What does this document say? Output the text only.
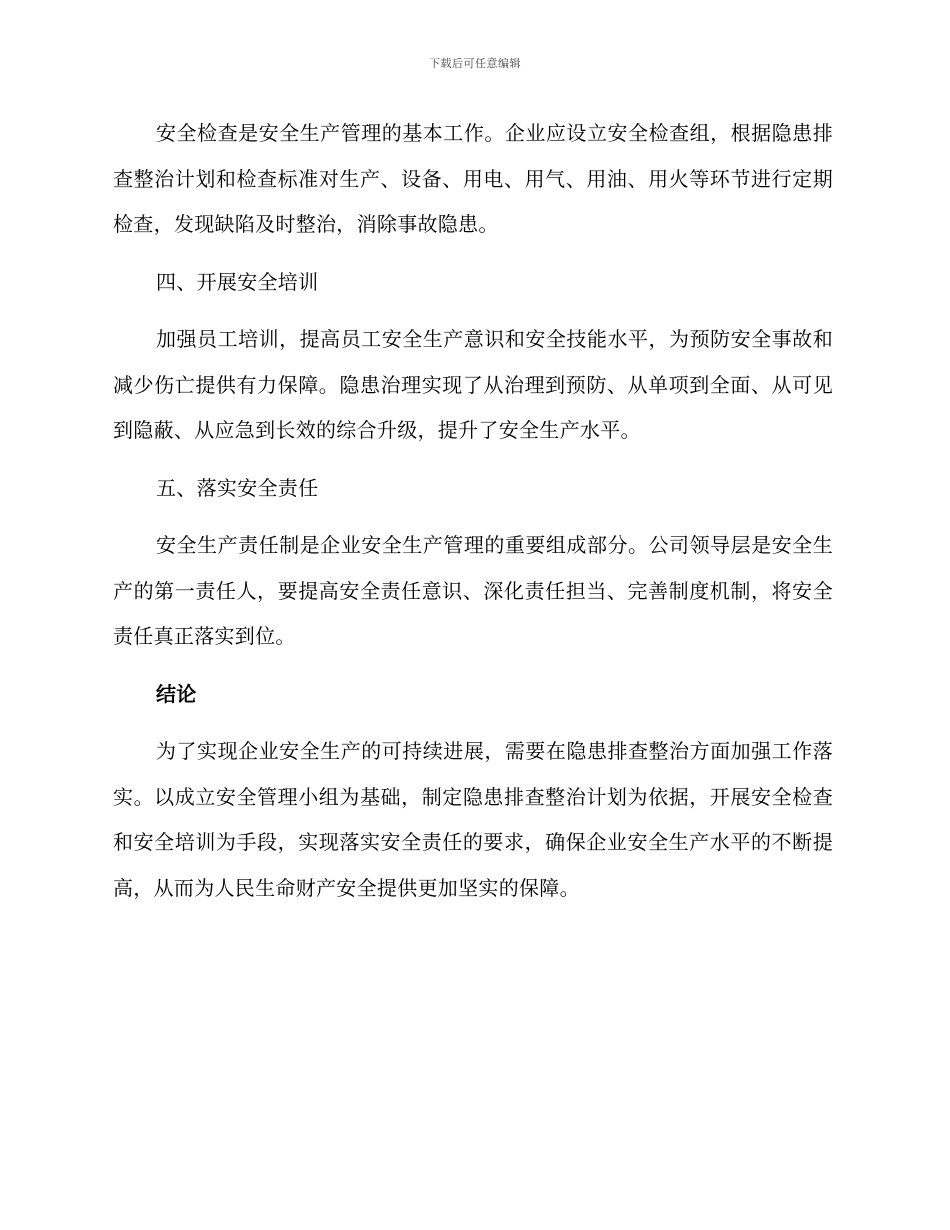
下载后可任意编辑

安全检查是安全生产管理的基本工作。企业应设立安全检查组，根据隐患排查整治计划和检查标准对生产、设备、用电、用气、用油、用火等环节进行定期检查，发现缺陷及时整治，消除事故隐患。

四、开展安全培训

加强员工培训，提高员工安全生产意识和安全技能水平，为预防安全事故和减少伤亡提供有力保障。隐患治理实现了从治理到预防、从单项到全面、从可见到隐蔽、从应急到长效的综合升级，提升了安全生产水平。

五、落实安全责任

安全生产责任制是企业安全生产管理的重要组成部分。公司领导层是安全生产的第一责任人，要提高安全责任意识、深化责任担当、完善制度机制，将安全责任真正落实到位。

结论

为了实现企业安全生产的可持续进展，需要在隐患排查整治方面加强工作落实。以成立安全管理小组为基础，制定隐患排查整治计划为依据，开展安全检查和安全培训为手段，实现落实安全责任的要求，确保企业安全生产水平的不断提高，从而为人民生命财产安全提供更加坚实的保障。
